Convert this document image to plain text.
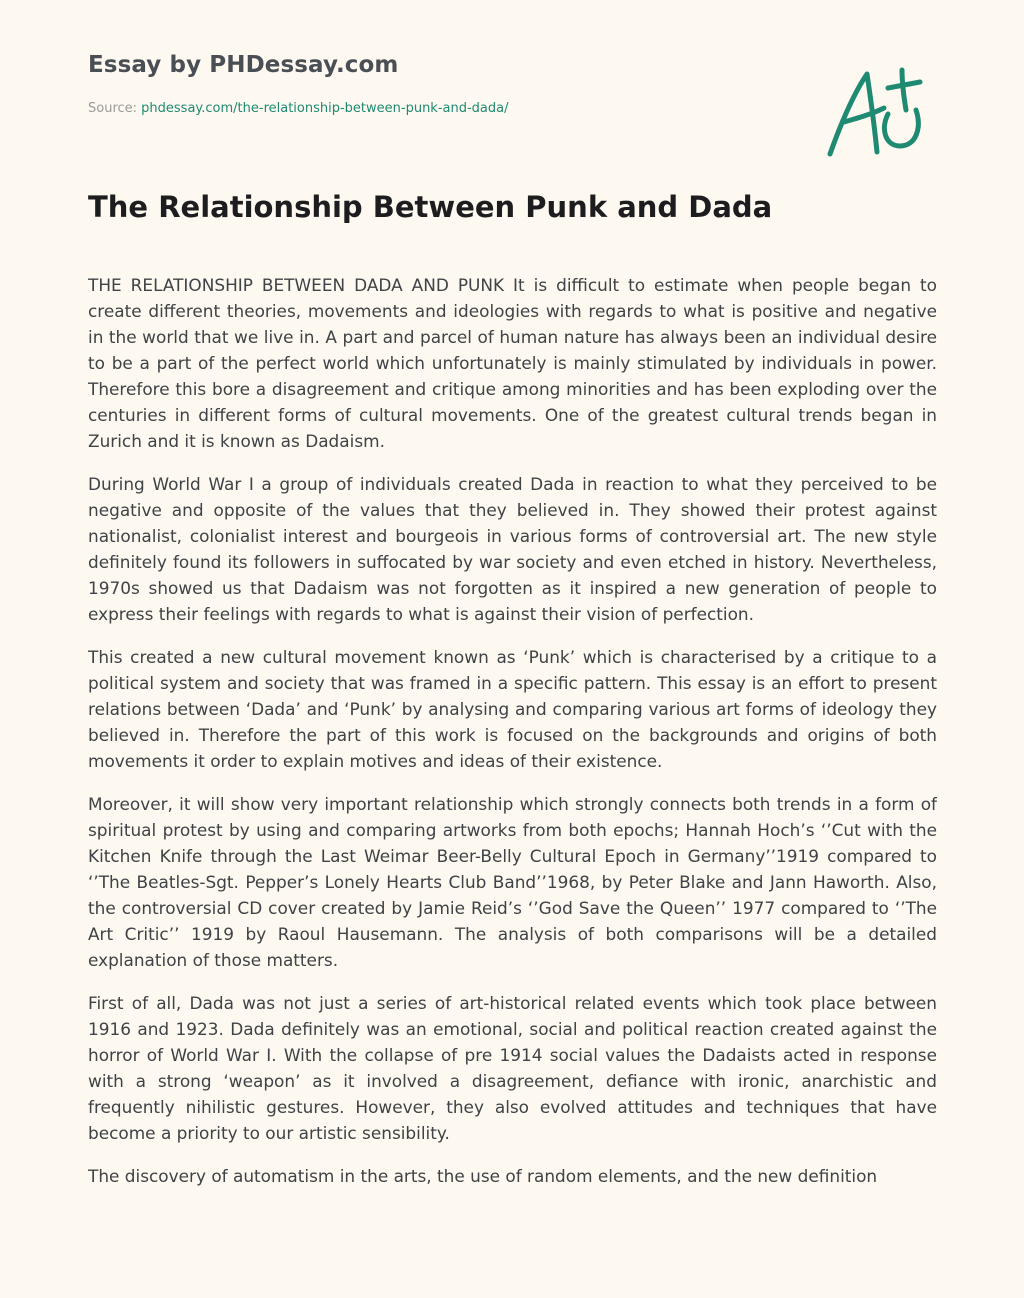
Essay by PHDessay.com
Source: phdessay.com/the-relationship-between-punk-and-dada/
The Relationship Between Punk and Dada

THE RELATIONSHIP BETWEEN DADA AND PUNK It is difficult to estimate when people began to create different theories, movements and ideologies with regards to what is positive and negative in the world that we live in. A part and parcel of human nature has always been an individual desire to be a part of the perfect world which unfortunately is mainly stimulated by individuals in power. Therefore this bore a disagreement and critique among minorities and has been exploding over the centuries in different forms of cultural movements. One of the greatest cultural trends began in Zurich and it is known as Dadaism.

During World War I a group of individuals created Dada in reaction to what they perceived to be negative and opposite of the values that they believed in. They showed their protest against nationalist, colonialist interest and bourgeois in various forms of controversial art. The new style definitely found its followers in suffocated by war society and even etched in history. Nevertheless, 1970s showed us that Dadaism was not forgotten as it inspired a new generation of people to express their feelings with regards to what is against their vision of perfection.

This created a new cultural movement known as ‘Punk’ which is characterised by a critique to a political system and society that was framed in a specific pattern. This essay is an effort to present relations between ‘Dada’ and ‘Punk’ by analysing and comparing various art forms of ideology they believed in. Therefore the part of this work is focused on the backgrounds and origins of both movements it order to explain motives and ideas of their existence.

Moreover, it will show very important relationship which strongly connects both trends in a form of spiritual protest by using and comparing artworks from both epochs; Hannah Hoch’s ‘’Cut with the Kitchen Knife through the Last Weimar Beer-Belly Cultural Epoch in Germany’’1919 compared to ‘’The Beatles-Sgt. Pepper’s Lonely Hearts Club Band’’1968, by Peter Blake and Jann Haworth. Also, the controversial CD cover created by Jamie Reid’s ‘’God Save the Queen’’ 1977 compared to ‘’The Art Critic’’ 1919 by Raoul Hausemann. The analysis of both comparisons will be a detailed explanation of those matters.

First of all, Dada was not just a series of art-historical related events which took place between 1916 and 1923. Dada definitely was an emotional, social and political reaction created against the horror of World War I. With the collapse of pre 1914 social values the Dadaists acted in response with a strong ‘weapon’ as it involved a disagreement, defiance with ironic, anarchistic and frequently nihilistic gestures. However, they also evolved attitudes and techniques that have become a priority to our artistic sensibility.

The discovery of automatism in the arts, the use of random elements, and the new definition
